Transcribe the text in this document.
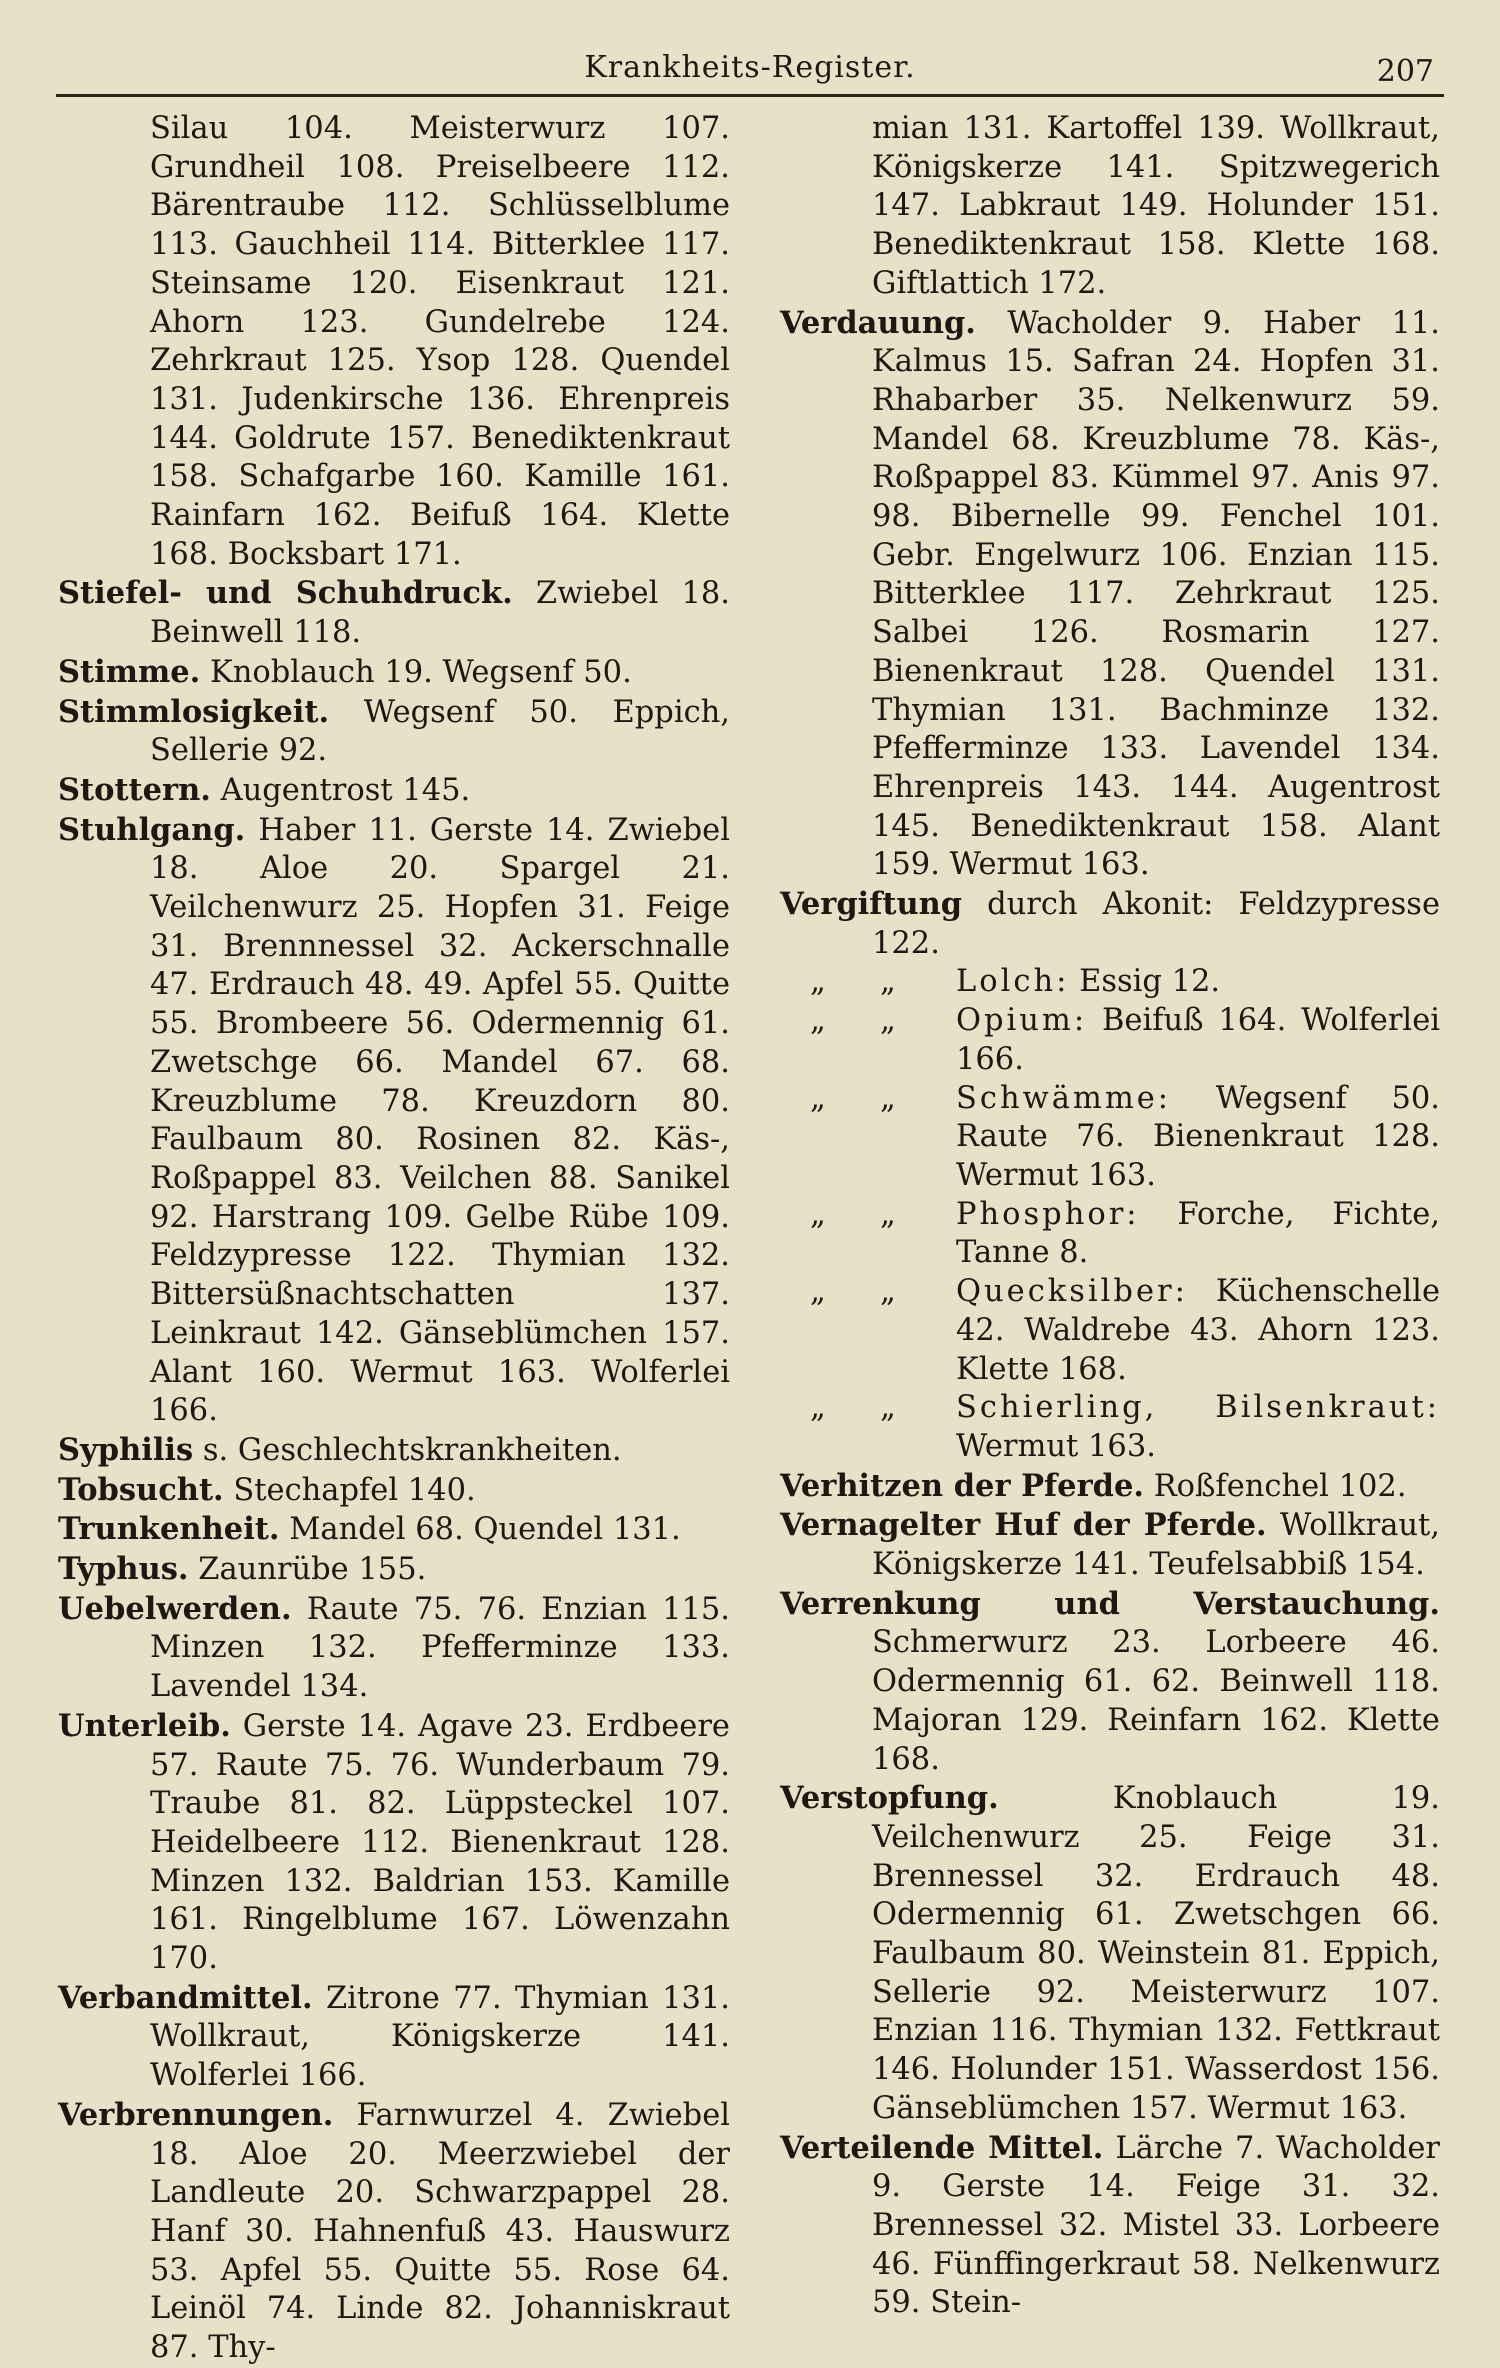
Krankheits-Register.	207
Silau 104. Meisterwurz 107. Grundheil 108. Preiselbeere 112. Bärentraube 112. Schlüsselblume 113. Gauchheil 114. Bitterklee 117. Steinsame 120. Eisenkraut 121. Ahorn 123. Gundelrebe 124. Zehrkraut 125. Ysop 128. Quendel 131. Judenkirsche 136. Ehrenpreis 144. Goldrute 157. Benediktenkraut 158. Schafgarbe 160. Kamille 161. Rainfarn 162. Beifuß 164. Klette 168. Bocksbart 171.
Stiefel- und Schuhdruck. Zwiebel 18. Beinwell 118.
Stimme. Knoblauch 19. Wegsenf 50.
Stimmlosigkeit. Wegsenf 50. Eppich, Sellerie 92.
Stottern. Augentrost 145.
Stuhlgang. Haber 11. Gerste 14. Zwiebel 18. Aloe 20. Spargel 21. Veilchenwurz 25. Hopfen 31. Feige 31. Brennnessel 32. Ackerschnalle 47. Erdrauch 48. 49. Apfel 55. Quitte 55. Brombeere 56. Odermennig 61. Zwetschge 66. Mandel 67. 68. Kreuzblume 78. Kreuzdorn 80. Faulbaum 80. Rosinen 82. Käs-, Roßpappel 83. Veilchen 88. Sanikel 92. Harstrang 109. Gelbe Rübe 109. Feldzypresse 122. Thymian 132. Bittersüßnachtschatten 137. Leinkraut 142. Gänseblümchen 157. Alant 160. Wermut 163. Wolferlei 166.
Syphilis s. Geschlechtskrankheiten.
Tobsucht. Stechapfel 140.
Trunkenheit. Mandel 68. Quendel 131.
Typhus. Zaunrübe 155.
Uebelwerden. Raute 75. 76. Enzian 115. Minzen 132. Pfefferminze 133. Lavendel 134.
Unterleib. Gerste 14. Agave 23. Erdbeere 57. Raute 75. 76. Wunderbaum 79. Traube 81. 82. Lüppsteckel 107. Heidelbeere 112. Bienenkraut 128. Minzen 132. Baldrian 153. Kamille 161. Ringelblume 167. Löwenzahn 170.
Verbandmittel. Zitrone 77. Thymian 131. Wollkraut, Königskerze 141. Wolferlei 166.
Verbrennungen. Farnwurzel 4. Zwiebel 18. Aloe 20. Meerzwiebel der Landleute 20. Schwarzpappel 28. Hanf 30. Hahnenfuß 43. Hauswurz 53. Apfel 55. Quitte 55. Rose 64. Leinöl 74. Linde 82. Johanniskraut 87. Thy-
mian 131. Kartoffel 139. Wollkraut, Königskerze 141. Spitzwegerich 147. Labkraut 149. Holunder 151. Benediktenkraut 158. Klette 168. Giftlattich 172.
Verdauung. Wacholder 9. Haber 11. Kalmus 15. Safran 24. Hopfen 31. Rhabarber 35. Nelkenwurz 59. Mandel 68. Kreuzblume 78. Käs-, Roßpappel 83. Kümmel 97. Anis 97. 98. Bibernelle 99. Fenchel 101. Gebr. Engelwurz 106. Enzian 115. Bitterklee 117. Zehrkraut 125. Salbei 126. Rosmarin 127. Bienenkraut 128. Quendel 131. Thymian 131. Bachminze 132. Pfefferminze 133. Lavendel 134. Ehrenpreis 143. 144. Augentrost 145. Benediktenkraut 158. Alant 159. Wermut 163.
Vergiftung durch Akonit: Feldzypresse 122.
„ „	Lolch: Essig 12.
„ „	Opium: Beifuß 164. Wolferlei 166.
„ „	Schwämme: Wegsenf 50. Raute 76. Bienenkraut 128. Wermut 163.
„ „	Phosphor: Forche, Fichte, Tanne 8.
„ „	Quecksilber: Küchenschelle 42. Waldrebe 43. Ahorn 123. Klette 168.
„ „	Schierling, Bilsenkraut: Wermut 163.
Verhitzen der Pferde. Roßfenchel 102.
Vernagelter Huf der Pferde. Wollkraut, Königskerze 141. Teufelsabbiß 154.
Verrenkung und Verstauchung. Schmerwurz 23. Lorbeere 46. Odermennig 61. 62. Beinwell 118. Majoran 129. Reinfarn 162. Klette 168.
Verstopfung.	Knoblauch 19. Veilchenwurz 25. Feige 31. Brennessel 32. Erdrauch 48. Odermennig 61. Zwetschgen 66. Faulbaum 80. Weinstein 81. Eppich, Sellerie 92. Meisterwurz 107. Enzian 116. Thymian 132. Fettkraut 146. Holunder 151. Wasserdost 156. Gänseblümchen 157. Wermut 163.
Verteilende Mittel. Lärche 7. Wacholder 9. Gerste 14. Feige 31. 32. Brennessel 32. Mistel 33. Lorbeere 46. Fünffingerkraut 58. Nelkenwurz 59. Stein-
